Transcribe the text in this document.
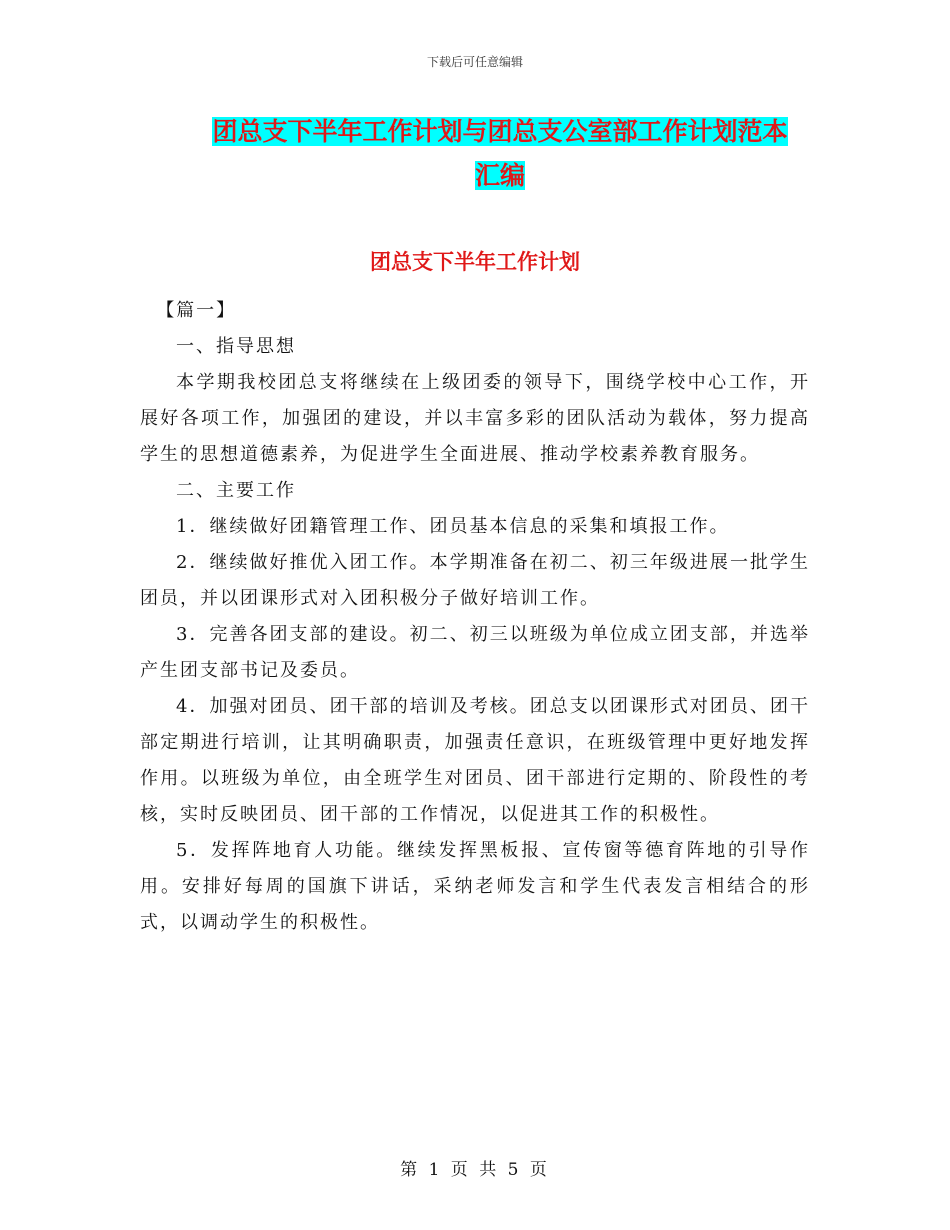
下载后可任意编辑
团总支下半年工作计划与团总支公室部工作计划范本
汇编
团总支下半年工作计划

【篇一】

一、指导思想

本学期我校团总支将继续在上级团委的领导下，围绕学校中心工作，开展好各项工作，加强团的建设，并以丰富多彩的团队活动为载体，努力提高学生的思想道德素养，为促进学生全面进展、推动学校素养教育服务。

二、主要工作

1．继续做好团籍管理工作、团员基本信息的采集和填报工作。

2．继续做好推优入团工作。本学期准备在初二、初三年级进展一批学生团员，并以团课形式对入团积极分子做好培训工作。

3．完善各团支部的建设。初二、初三以班级为单位成立团支部，并选举产生团支部书记及委员。

4．加强对团员、团干部的培训及考核。团总支以团课形式对团员、团干部定期进行培训，让其明确职责，加强责任意识，在班级管理中更好地发挥作用。以班级为单位，由全班学生对团员、团干部进行定期的、阶段性的考核，实时反映团员、团干部的工作情况，以促进其工作的积极性。

5．发挥阵地育人功能。继续发挥黑板报、宣传窗等德育阵地的引导作用。安排好每周的国旗下讲话，采纳老师发言和学生代表发言相结合的形式，以调动学生的积极性。

第 1 页 共 5 页
